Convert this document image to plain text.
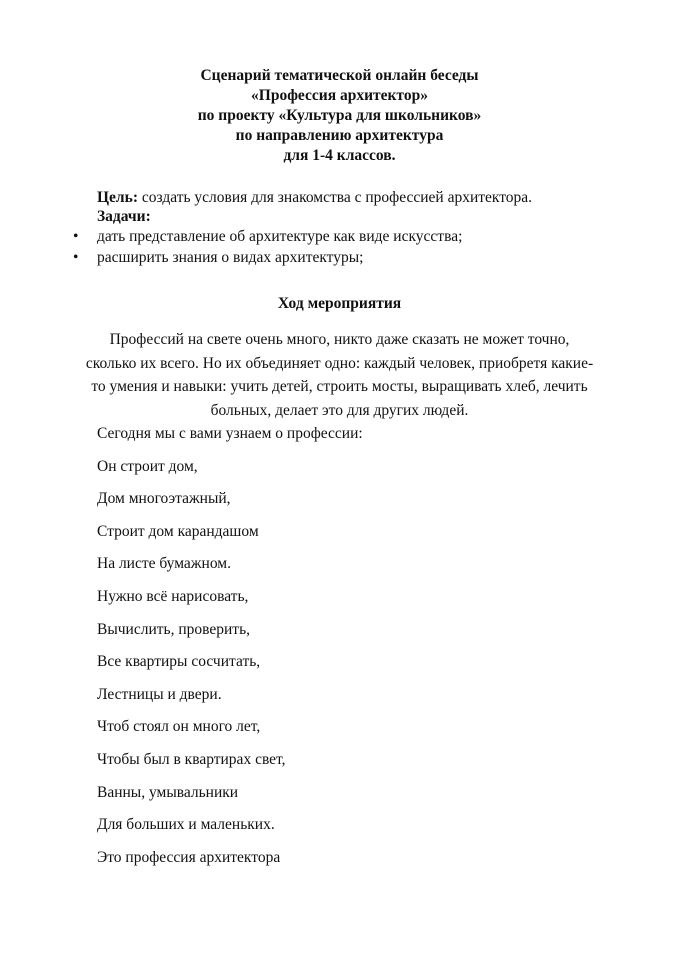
Сценарий тематической онлайн беседы
«Профессия архитектор»
по проекту «Культура для школьников»
по направлению архитектура
для 1-4 классов.
Цель: создать условия для знакомства с профессией архитектора.
Задачи:
• дать представление об архитектуре как виде искусства;
• расширить знания о видах архитектуры;
Ход мероприятия
Профессий на свете очень много, никто даже сказать не может точно,
сколько их всего. Но их объединяет одно: каждый человек, приобретя какие-
то умения и навыки: учить детей, строить мосты, выращивать хлеб, лечить
больных, делает это для других людей.
Сегодня мы с вами узнаем о профессии:
Он строит дом,
Дом многоэтажный,
Строит дом карандашом
На листе бумажном.
Нужно всё нарисовать,
Вычислить, проверить,
Все квартиры сосчитать,
Лестницы и двери.
Чтоб стоял он много лет,
Чтобы был в квартирах свет,
Ванны, умывальники
Для больших и маленьких.
Это профессия архитектора
